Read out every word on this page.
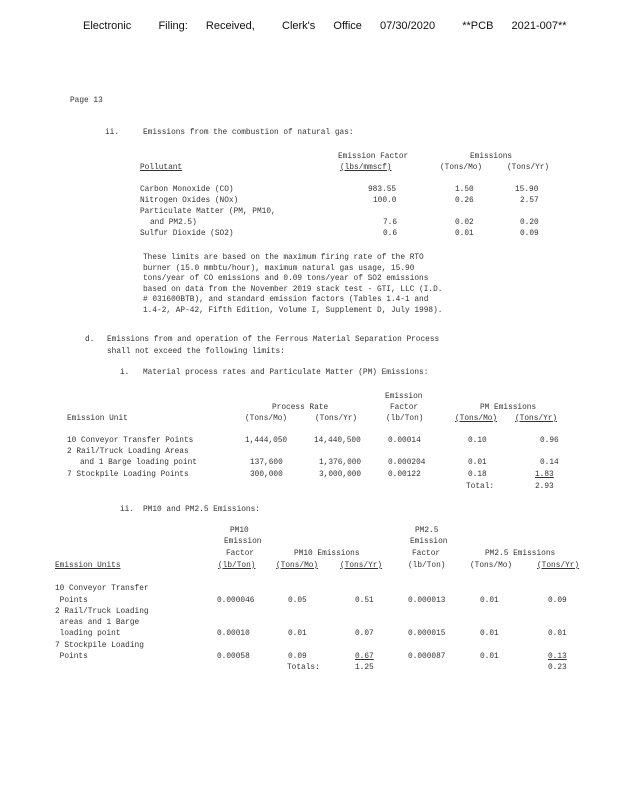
Electronic   Filing:  Received,   Clerk's  Office  07/30/2020   **PCB  2021-007**
Page 13
ii.	Emissions from the combustion of natural gas:
Emission Factor	Emissions
Pollutant	(lbs/mmscf)	(Tons/Mo)	(Tons/Yr)
Carbon Monoxide (CO)	983.55	1.50	15.90
Nitrogen Oxides (NOx)	100.0	0.26	2.57
Particulate Matter (PM, PM10,
and PM2.5)	7.6	0.02	0.20
Sulfur Dioxide (SO2)	0.6	0.01	0.09
These limits are based on the maximum firing rate of the RTO
burner (15.0 mmbtu/hour), maximum natural gas usage, 15.90
tons/year of CO emissions and 0.09 tons/year of SO2 emissions
based on data from the November 2019 stack test - GTI, LLC (I.D.
# 031600BTB), and standard emission factors (Tables 1.4-1 and
1.4-2, AP-42, Fifth Edition, Volume I, Supplement D, July 1998).
d. Emissions from and operation of the Ferrous Material Separation Process
shall not exceed the following limits:
i. Material process rates and Particulate Matter (PM) Emissions:
Emission
Process Rate	Factor	PM Emissions
Emission Unit	(Tons/Mo)	(Tons/Yr)	(lb/Ton)	(Tons/Mo) (Tons/Yr)
10 Conveyor Transfer Points	1,444,050	14,440,500	0.00014	0.10	0.96
2 Rail/Truck Loading Areas
and 1 Barge loading point	137,600	1,376,000	0.000204	0.01	0.14
7 Stockpile Loading Points	300,000	3,000,000	0.00122	0.18	1.83
Total:	2.93
ii. PM10 and PM2.5 Emissions:
PM10
Emission
Factor
(lb/Ton)
PM10 Emissions
(Tons/Mo)	(Tons/Yr)
PM2.5
Emission
Factor
(lb/Ton)
PM2.5 Emissions
(Tons/Mo)	(Tons/Yr)
Emission Units
10 Conveyor Transfer
Points	0.000046	0.05	0.51	0.000013	0.01	0.09
2 Rail/Truck Loading
areas and 1 Barge
loading point	0.00010	0.01	0.07	0.000015	0.01	0.01
7 Stockpile Loading
Points	0.00058	0.09	0.67	0.000087	0.01	0.13
Totals:	1.25	0.23
